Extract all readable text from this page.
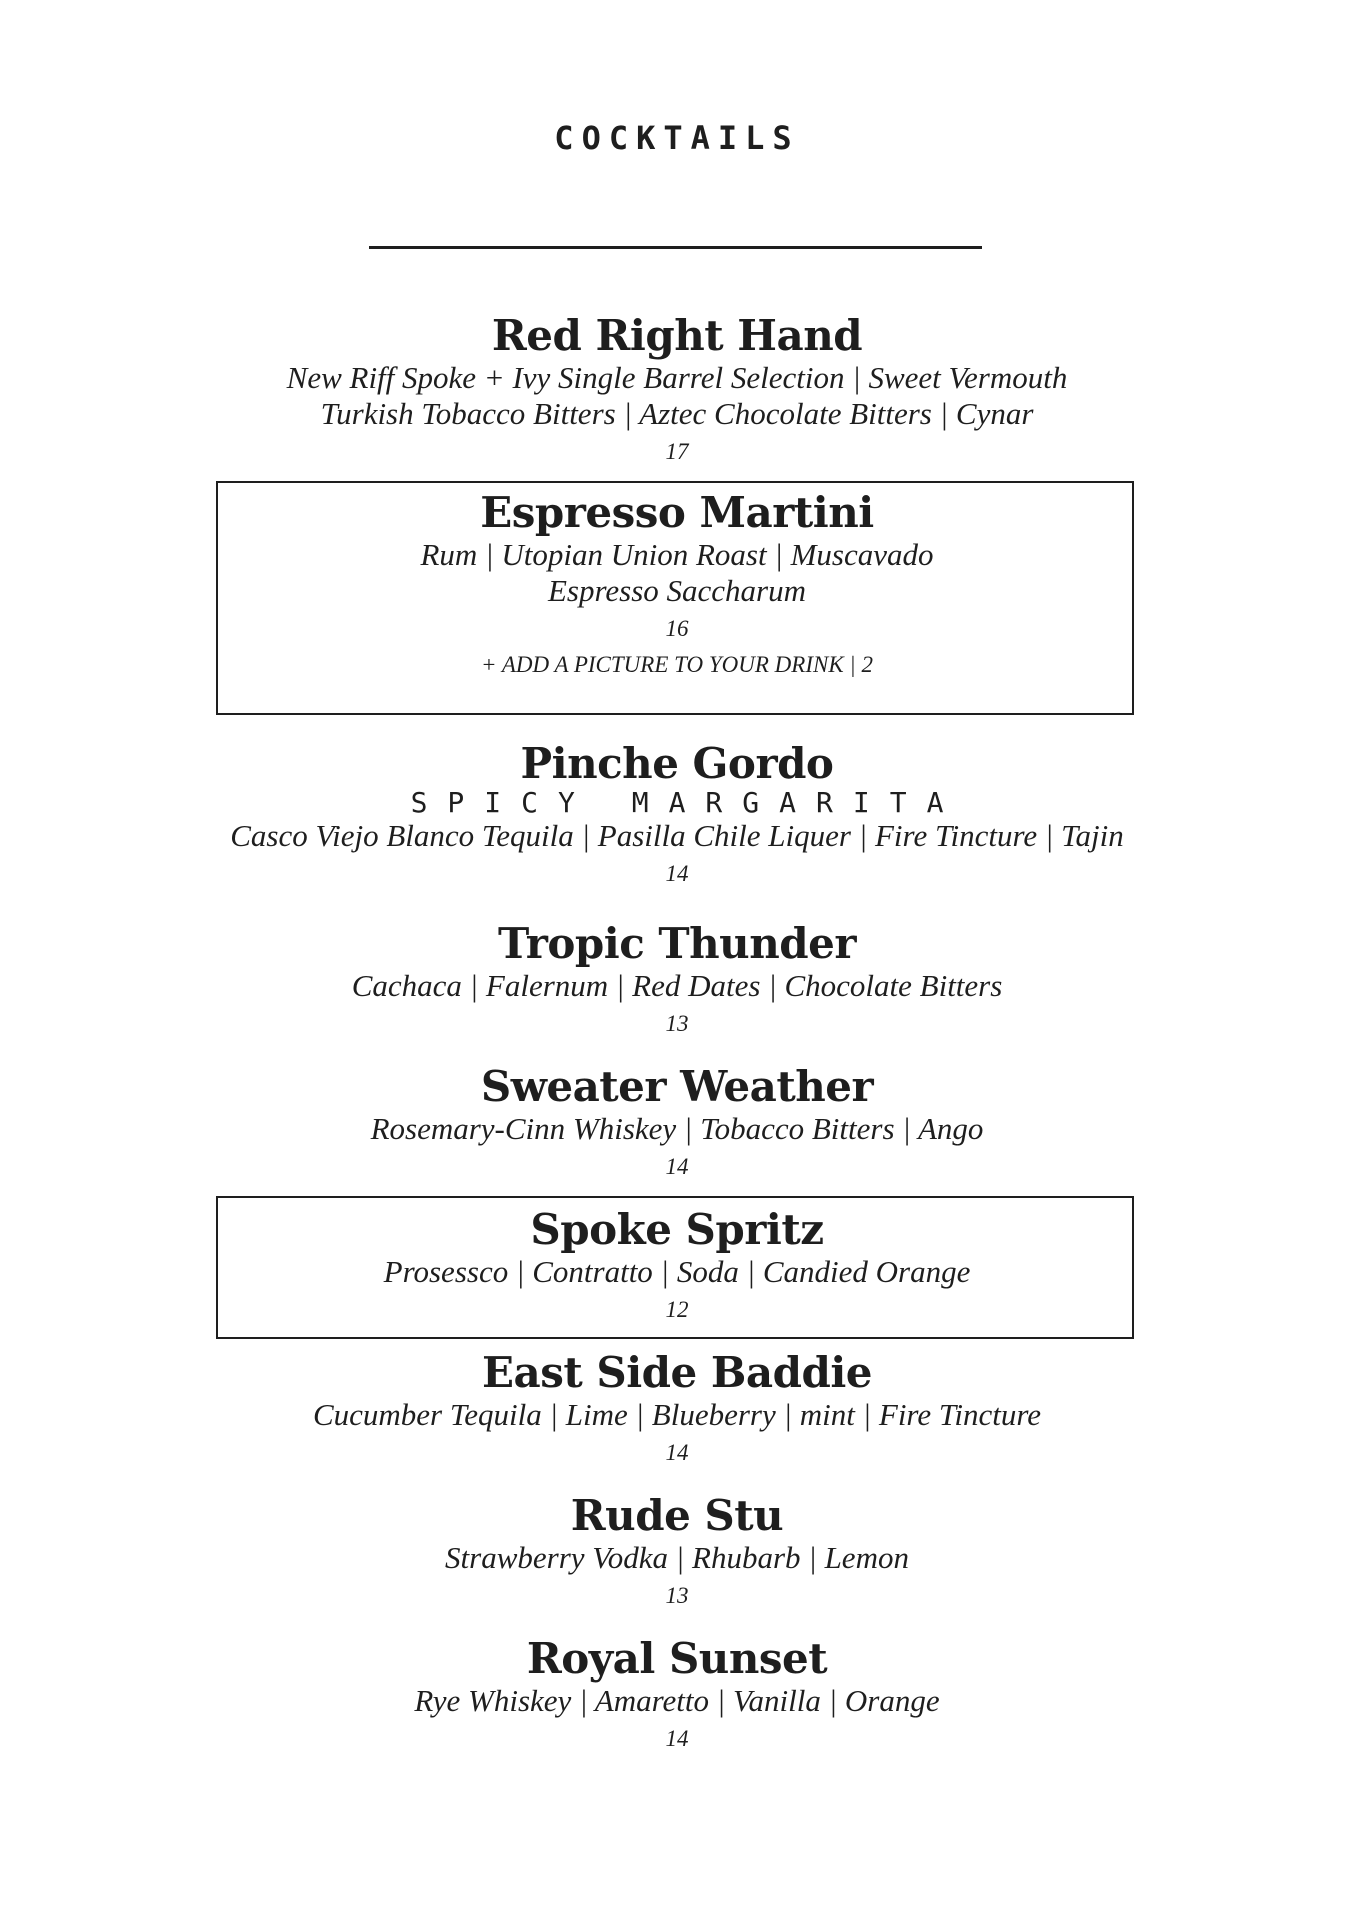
COCKTAILS
Red Right Hand
New Riff Spoke + Ivy Single Barrel Selection | Sweet Vermouth
Turkish Tobacco Bitters | Aztec Chocolate Bitters | Cynar
17
Espresso Martini
Rum | Utopian Union Roast | Muscavado
Espresso Saccharum
16
+ ADD A PICTURE TO YOUR DRINK | 2
Pinche Gordo
SPICY MARGARITA
Casco Viejo Blanco Tequila | Pasilla Chile Liquer | Fire Tincture | Tajin
14
Tropic Thunder
Cachaca | Falernum | Red Dates | Chocolate Bitters
13
Sweater Weather
Rosemary-Cinn Whiskey | Tobacco Bitters | Ango
14
Spoke Spritz
Prosessco | Contratto | Soda | Candied Orange
12
East Side Baddie
Cucumber Tequila | Lime | Blueberry | mint | Fire Tincture
14
Rude Stu
Strawberry Vodka | Rhubarb | Lemon
13
Royal Sunset
Rye Whiskey | Amaretto | Vanilla | Orange
14
